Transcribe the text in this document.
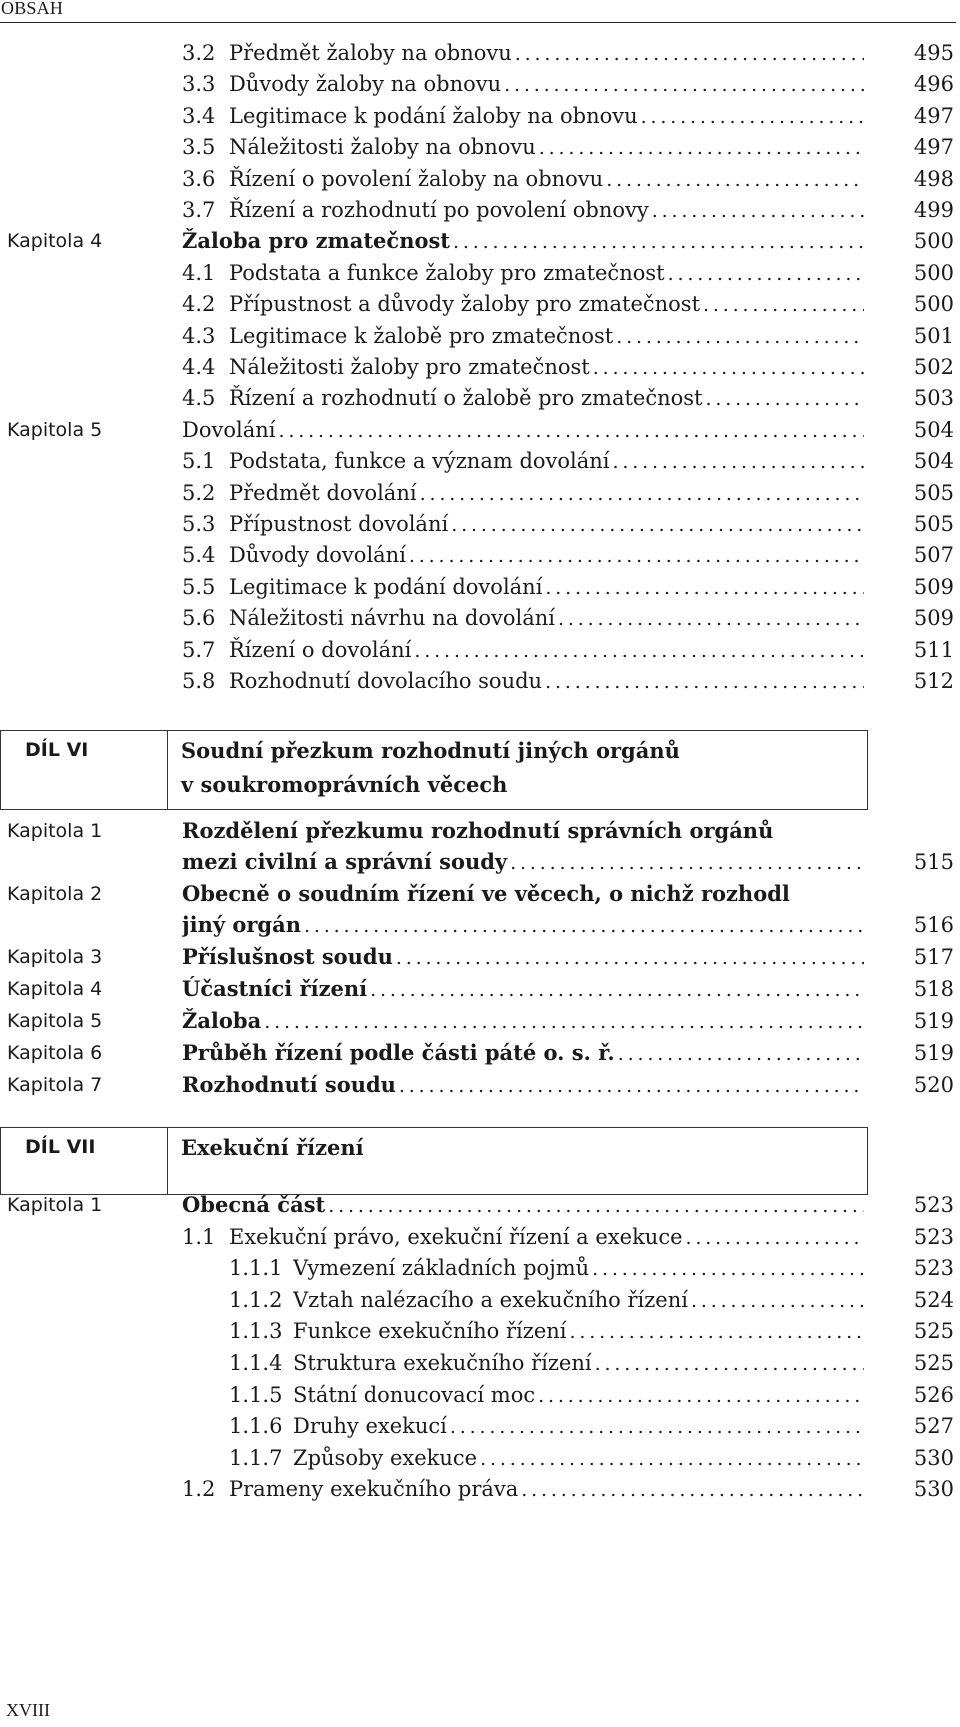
OBSAH
3.2 Předmět žaloby na obnovu . . .	495
3.3 Důvody žaloby na obnovu . . .	496
3.4 Legitimace k podání žaloby na obnovu . . .	497
3.5 Náležitosti žaloby na obnovu . . .	497
3.6 Řízení o povolení žaloby na obnovu . . .	498
3.7 Řízení a rozhodnutí po povolení obnovy . . .	499
Kapitola 4	Žaloba pro zmatečnost . . .	500
4.1 Podstata a funkce žaloby pro zmatečnost . . .	500
4.2 Přípustnost a důvody žaloby pro zmatečnost . . .	500
4.3 Legitimace k žalobě pro zmatečnost . . .	501
4.4 Náležitosti žaloby pro zmatečnost . . .	502
4.5 Řízení a rozhodnutí o žalobě pro zmatečnost . . .	503
Kapitola 5	Dovolání . . .	504
5.1 Podstata, funkce a význam dovolání . . .	504
5.2 Předmět dovolání . . .	505
5.3 Přípustnost dovolání . . .	505
5.4 Důvody dovolání . . .	507
5.5 Legitimace k podání dovolání . . .	509
5.6 Náležitosti návrhu na dovolání . . .	509
5.7 Řízení o dovolání . . .	511
5.8 Rozhodnutí dovolacího soudu . . .	512
DÍL VI	Soudní přezkum rozhodnutí jiných orgánů
v soukromoprávních věcech
Kapitola 1	Rozdělení přezkumu rozhodnutí správních orgánů
mezi civilní a správní soudy . . .	515
Kapitola 2	Obecně o soudním řízení ve věcech, o nichž rozhodl
jiný orgán . . .	516
Kapitola 3	Příslušnost soudu . . .	517
Kapitola 4	Účastníci řízení . . .	518
Kapitola 5	Žaloba . . .	519
Kapitola 6	Průběh řízení podle části páté o. s. ř. . . .	519
Kapitola 7	Rozhodnutí soudu . . .	520
DÍL VII	Exekuční řízení
Kapitola 1	Obecná část . . .	523
1.1 Exekuční právo, exekuční řízení a exekuce . . .	523
1.1.1 Vymezení základních pojmů . . .	523
1.1.2 Vztah nalézacího a exekučního řízení . . .	524
1.1.3 Funkce exekučního řízení . . .	525
1.1.4 Struktura exekučního řízení . . .	525
1.1.5 Státní donucovací moc . . .	526
1.1.6 Druhy exekucí . . .	527
1.1.7 Způsoby exekuce . . .	530
1.2 Prameny exekučního práva . . .	530
XVIII
